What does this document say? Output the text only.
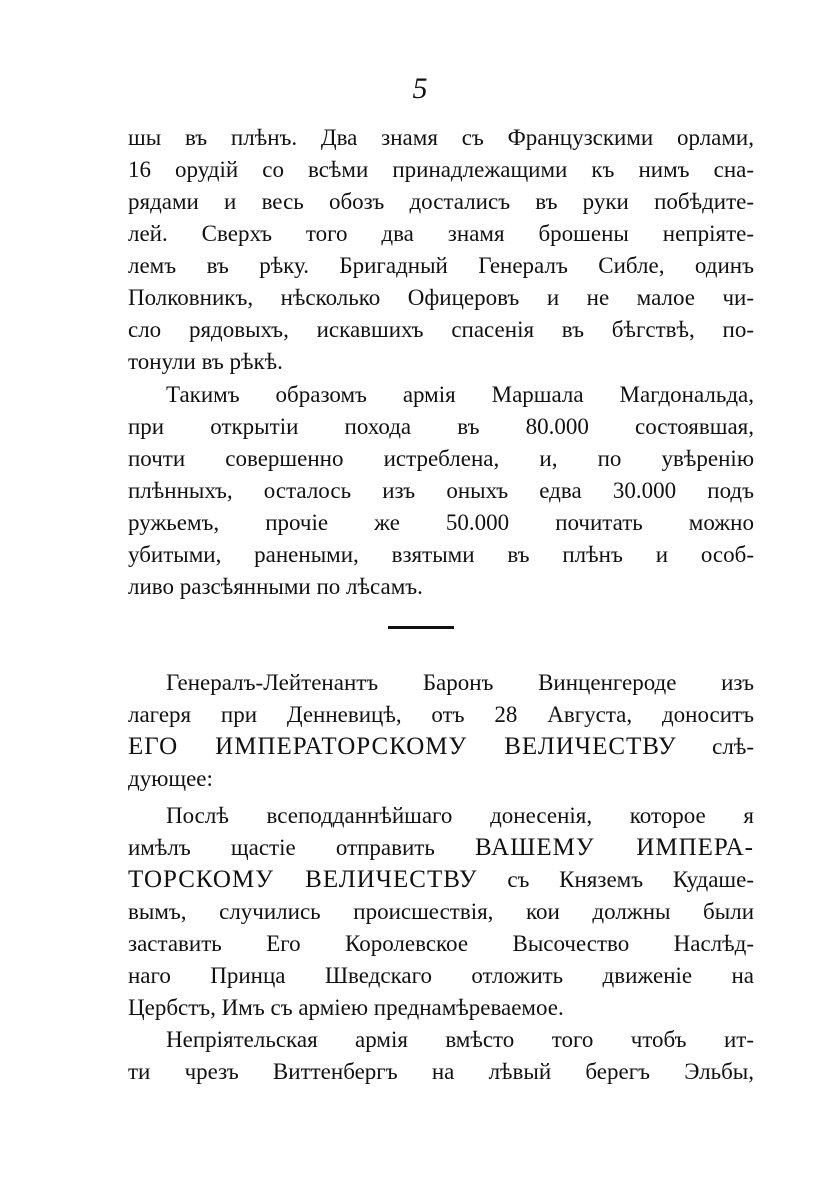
5
шы въ плѣнъ. Два знамя съ Французскими орлами,
16 орудій со всѣми принадлежащими къ нимъ сна-
рядами и весь обозъ досталисъ въ руки побѣдите-
лей. Сверхъ того два знамя брошены непріяте-
лемъ въ рѣку. Бригадный Генералъ Сибле, одинъ
Полковникъ, нѣсколько Офицеровъ и не малое чи-
сло рядовыхъ, искавшихъ спасенія въ бѣгствѣ, по-
тонули въ рѣкѣ.
Такимъ образомъ армія Маршала Магдональда,
при открытіи похода въ 80.000 состоявшая,
почти совершенно истреблена, и, по увѣренію
плѣнныхъ, осталось изъ оныхъ едва 30.000 подъ
ружьемъ, прочіе же 50.000 почитать можно
убитыми, ранеными, взятыми въ плѣнъ и особ-
ливо разсѣянными по лѣсамъ.
Генералъ-Лейтенантъ Баронъ Винценгероде изъ
лагеря при Денневицѣ, отъ 28 Августа, доноситъ
ЕГО ИМПЕРАТОРСКОМУ ВЕЛИЧЕСТВУ слѣ-
дующее:
Послѣ всеподданнѣйшаго донесенія, которое я
имѣлъ щастіе отправить ВАШЕМУ ИМПЕРА-
ТОРСКОМУ ВЕЛИЧЕСТВУ съ Княземъ Кудаше-
вымъ, случились происшествія, кои должны были
заставить Его Королевское Высочество Наслѣд-
наго Принца Шведскаго отложить движеніе на
Цербстъ, Имъ съ арміею преднамѣреваемое.
Непріятельская армія вмѣсто того чтобъ ит-
ти чрезъ Виттенбергъ на лѣвый берегъ Эльбы,
